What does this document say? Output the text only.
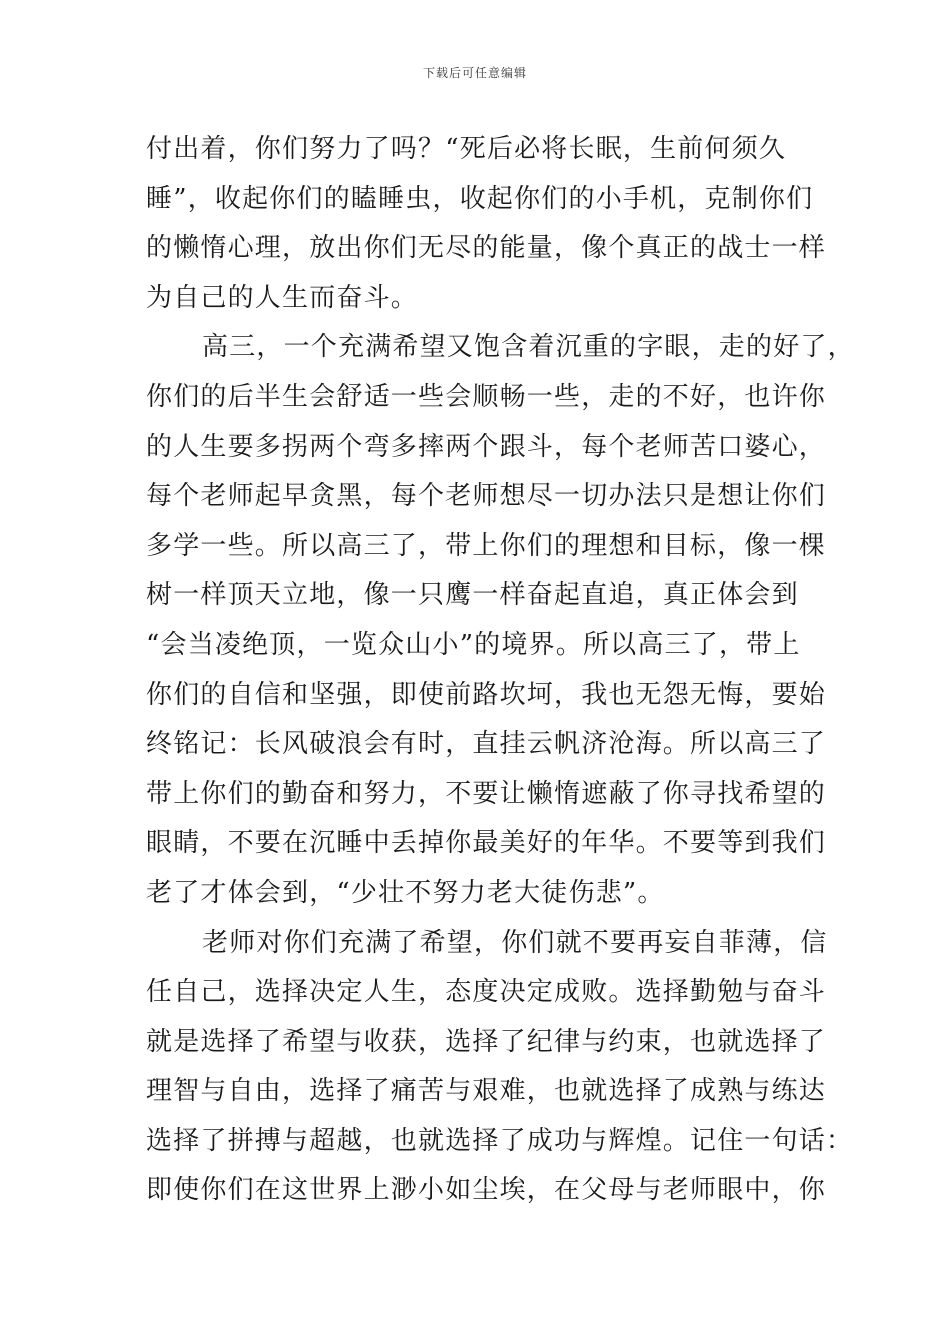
下载后可任意编辑
付出着，你们努力了吗？“死后必将长眠，生前何须久
睡”，收起你们的瞌睡虫，收起你们的小手机，克制你们
的懒惰心理，放出你们无尽的能量，像个真正的战士一样
为自己的人生而奋斗。
高三，一个充满希望又饱含着沉重的字眼，走的好了，
你们的后半生会舒适一些会顺畅一些，走的不好，也许你
的人生要多拐两个弯多摔两个跟斗，每个老师苦口婆心，
每个老师起早贪黑，每个老师想尽一切办法只是想让你们
多学一些。所以高三了，带上你们的理想和目标，像一棵
树一样顶天立地，像一只鹰一样奋起直追，真正体会到
“会当凌绝顶，一览众山小”的境界。所以高三了，带上
你们的自信和坚强，即使前路坎坷，我也无怨无悔，要始
终铭记：长风破浪会有时，直挂云帆济沧海。所以高三了
带上你们的勤奋和努力，不要让懒惰遮蔽了你寻找希望的
眼睛，不要在沉睡中丢掉你最美好的年华。不要等到我们
老了才体会到，“少壮不努力老大徒伤悲”。
老师对你们充满了希望，你们就不要再妄自菲薄，信
任自己，选择决定人生，态度决定成败。选择勤勉与奋斗
就是选择了希望与收获，选择了纪律与约束，也就选择了
理智与自由，选择了痛苦与艰难，也就选择了成熟与练达
选择了拼搏与超越，也就选择了成功与辉煌。记住一句话：
即使你们在这世界上渺小如尘埃，在父母与老师眼中，你
